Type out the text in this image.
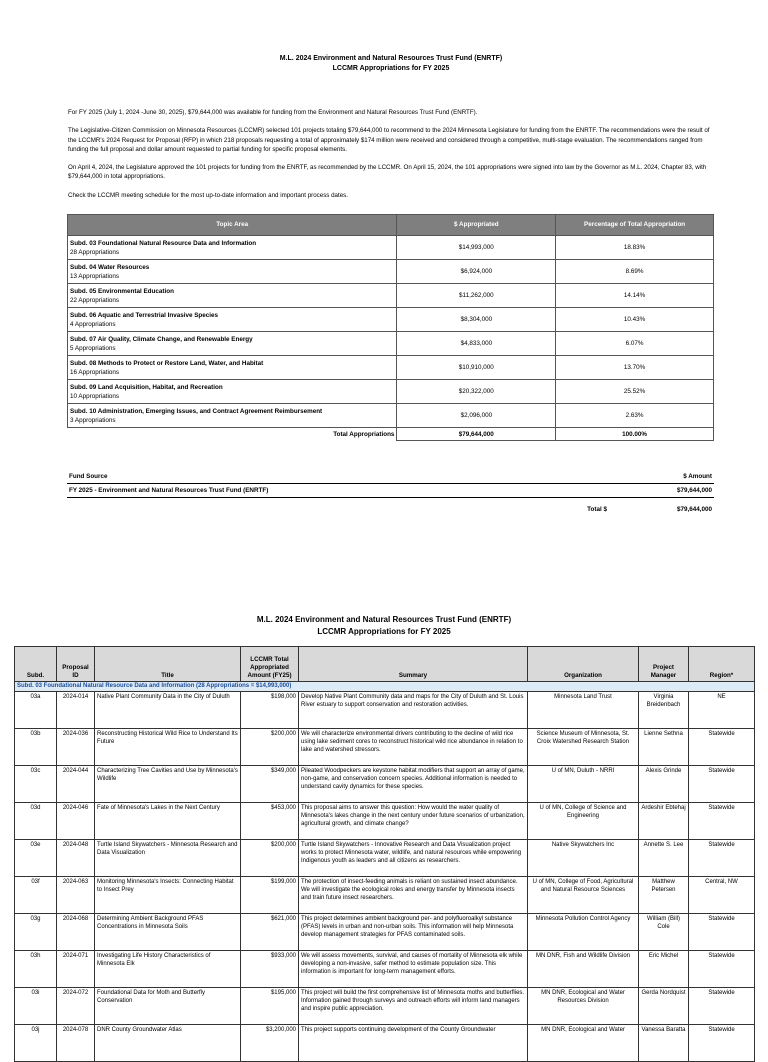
M.L. 2024 Environment and Natural Resources Trust Fund (ENRTF)
LCCMR Appropriations for FY 2025

For FY 2025 (July 1, 2024 -June 30, 2025), $79,644,000 was available for funding from the Environment and Natural Resources Trust Fund (ENRTF).

The Legislative-Citizen Commission on Minnesota Resources (LCCMR) selected 101 projects totaling $79,644,000 to recommend to the 2024 Minnesota Legislature for funding from the ENRTF. The recommendations were the result of the LCCMR's 2024 Request for Proposal (RFP) in which 218 proposals requesting a total of approximately $174 million were received and considered through a competitive, multi-stage evaluation. The recommendations ranged from funding the full proposal and dollar amount requested to partial funding for specific proposal elements.

On April 4, 2024, the Legislature approved the 101 projects for funding from the ENRTF, as recommended by the LCCMR. On April 15, 2024, the 101 appropriations were signed into law by the Governor as M.L. 2024, Chapter 83, with $79,644,000 in total appropriations.

Check the LCCMR meeting schedule for the most up-to-date information and important process dates.

Topic Area	$ Appropriated	Percentage of Total Appropriation

Subd. 03 Foundational Natural Resource Data and Information
28 Appropriations	$14,993,000	18.83%

Subd. 04 Water Resources
13 Appropriations	$6,924,000	8.69%

Subd. 05 Environmental Education
22 Appropriations	$11,262,000	14.14%

Subd. 06 Aquatic and Terrestrial Invasive Species
4 Appropriations	$8,304,000	10.43%

Subd. 07 Air Quality, Climate Change, and Renewable Energy
5 Appropriations	$4,833,000	6.07%

Subd. 08 Methods to Protect or Restore Land, Water, and Habitat
16 Appropriations	$10,910,000	13.70%

Subd. 09 Land Acquisition, Habitat, and Recreation
10 Appropriations	$20,322,000	25.52%

Subd. 10 Administration, Emerging Issues, and Contract Agreement Reimbursement
3 Appropriations	$2,096,000	2.63%
Total Appropriations	$79,644,000	100.00%
Fund Source	$ Amount
FY 2025 - Environment and Natural Resources Trust Fund (ENRTF)	$79,644,000
Total $	$79,644,000
M.L. 2024 Environment and Natural Resources Trust Fund (ENRTF)
LCCMR Appropriations for FY 2025
Subd.	Proposal ID	Title	LCCMR Total Appropriated Amount (FY25)	Summary	Organization	Project Manager	Region*
Subd. 03 Foundational Natural Resource Data and Information (28 Appropriations = $14,993,000)							
03a	2024-014	Native Plant Community Data in the City of Duluth	$198,000	Develop Native Plant Community data and maps for the City of Duluth and St. Louis River estuary to support conservation and restoration activities.	Minnesota Land Trust	Virginia Breidenbach	NE
03b	2024-036	Reconstructing Historical Wild Rice to Understand Its Future	$200,000	We will characterize environmental drivers contributing to the decline of wild rice using lake sediment cores to reconstruct historical wild rice abundance in relation to lake and watershed stressors.	Science Museum of Minnesota, St. Croix Watershed Research Station	Lienne Sethna	Statewide
03c	2024-044	Characterizing Tree Cavities and Use by Minnesota's Wildlife	$349,000	Pileated Woodpeckers are keystone habitat modifiers that support an array of game, non-game, and conservation concern species. Additional information is needed to understand cavity dynamics for these species.	U of MN, Duluth - NRRI	Alexis Grinde	Statewide
03d	2024-046	Fate of Minnesota's Lakes in the Next Century	$453,000	This proposal aims to answer this question: How would the water quality of Minnesota's lakes change in the next century under future scenarios of urbanization, agricultural growth, and climate change?	U of MN, College of Science and Engineering	Ardeshir Ebtehaj	Statewide
03e	2024-048	Turtle Island Skywatchers - Minnesota Research and Data Visualization	$200,000	Turtle Island Skywatchers - Innovative Research and Data Visualization project works to protect Minnesota water, wildlife, and natural resources while empowering Indigenous youth as leaders and all citizens as researchers.	Native Skywatchers Inc	Annette S. Lee	Statewide
03f	2024-063	Monitoring Minnesota's Insects: Connecting Habitat to Insect Prey	$199,000	The protection of insect-feeding animals is reliant on sustained insect abundance. We will investigate the ecological roles and energy transfer by Minnesota insects and train future insect researchers.	U of MN, College of Food, Agricultural and Natural Resource Sciences	Matthew Petersen	Central, NW
03g	2024-068	Determining Ambient Background PFAS Concentrations in Minnesota Soils	$621,000	This project determines ambient background per- and polyfluoroalkyl substance (PFAS) levels in urban and non-urban soils. This information will help Minnesota develop management strategies for PFAS contaminated soils.	Minnesota Pollution Control Agency	William (Bill) Cole	Statewide
03h	2024-071	Investigating Life History Characteristics of Minnesota Elk	$933,000	We will assess movements, survival, and causes of mortality of Minnesota elk while developing a non-invasive, safer method to estimate population size. This information is important for long-term management efforts.	MN DNR, Fish and Wildlife Division	Eric Michel	Statewide
03i	2024-072	Foundational Data for Moth and Butterfly Conservation	$195,000	This project will build the first comprehensive list of Minnesota moths and butterflies. Information gained through surveys and outreach efforts will inform land managers and inspire public appreciation.	MN DNR, Ecological and Water Resources Division	Gerda Nordquist	Statewide
03j	2024-078	DNR County Groundwater Atlas	$3,200,000	This project supports continuing development of the County Groundwater	MN DNR, Ecological and Water	Vanessa Baratta	Statewide
